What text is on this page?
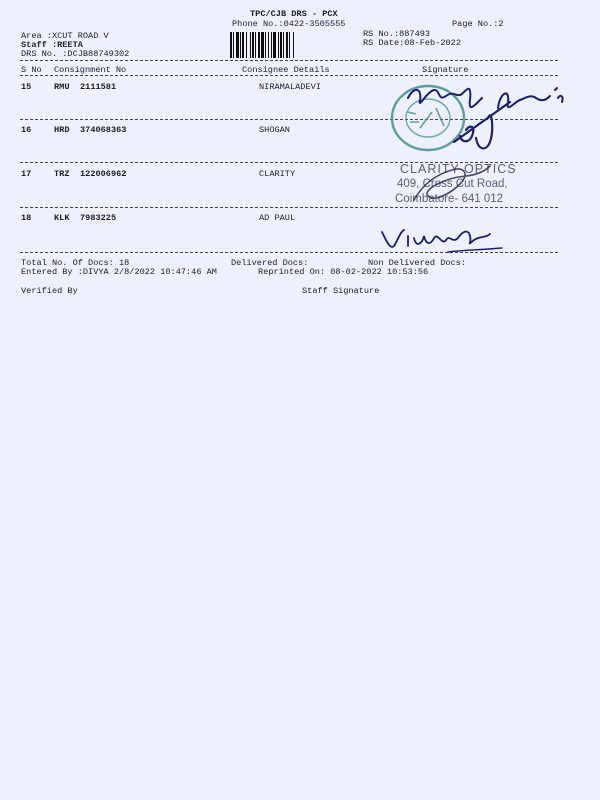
TPC/CJB DRS - PCX
Phone No.:0422-3505555	Page No.:2
Area :XCUT ROAD V
Staff :REETA
DRS No. :DCJB88749302
RS No.:887493
RS Date:08-Feb-2022
S No Consignment No	Consignee Details	Signature
15	RMU 2111581	NIRAMALADEVI
16	HRD 374068363	SHOGAN
17	TRZ 122006962	CLARITY
18	KLK 7983225	AD PAUL
CLARITY OPTICS
409, Cross Cut Road,
Coimbatore- 641 012
Total No. Of Docs: 18	Delivered Docs:	Non Delivered Docs:
Entered By :DIVYA 2/8/2022 10:47:46 AM	Reprinted On: 08-02-2022 10:53:56
Verified By	Staff Signature
